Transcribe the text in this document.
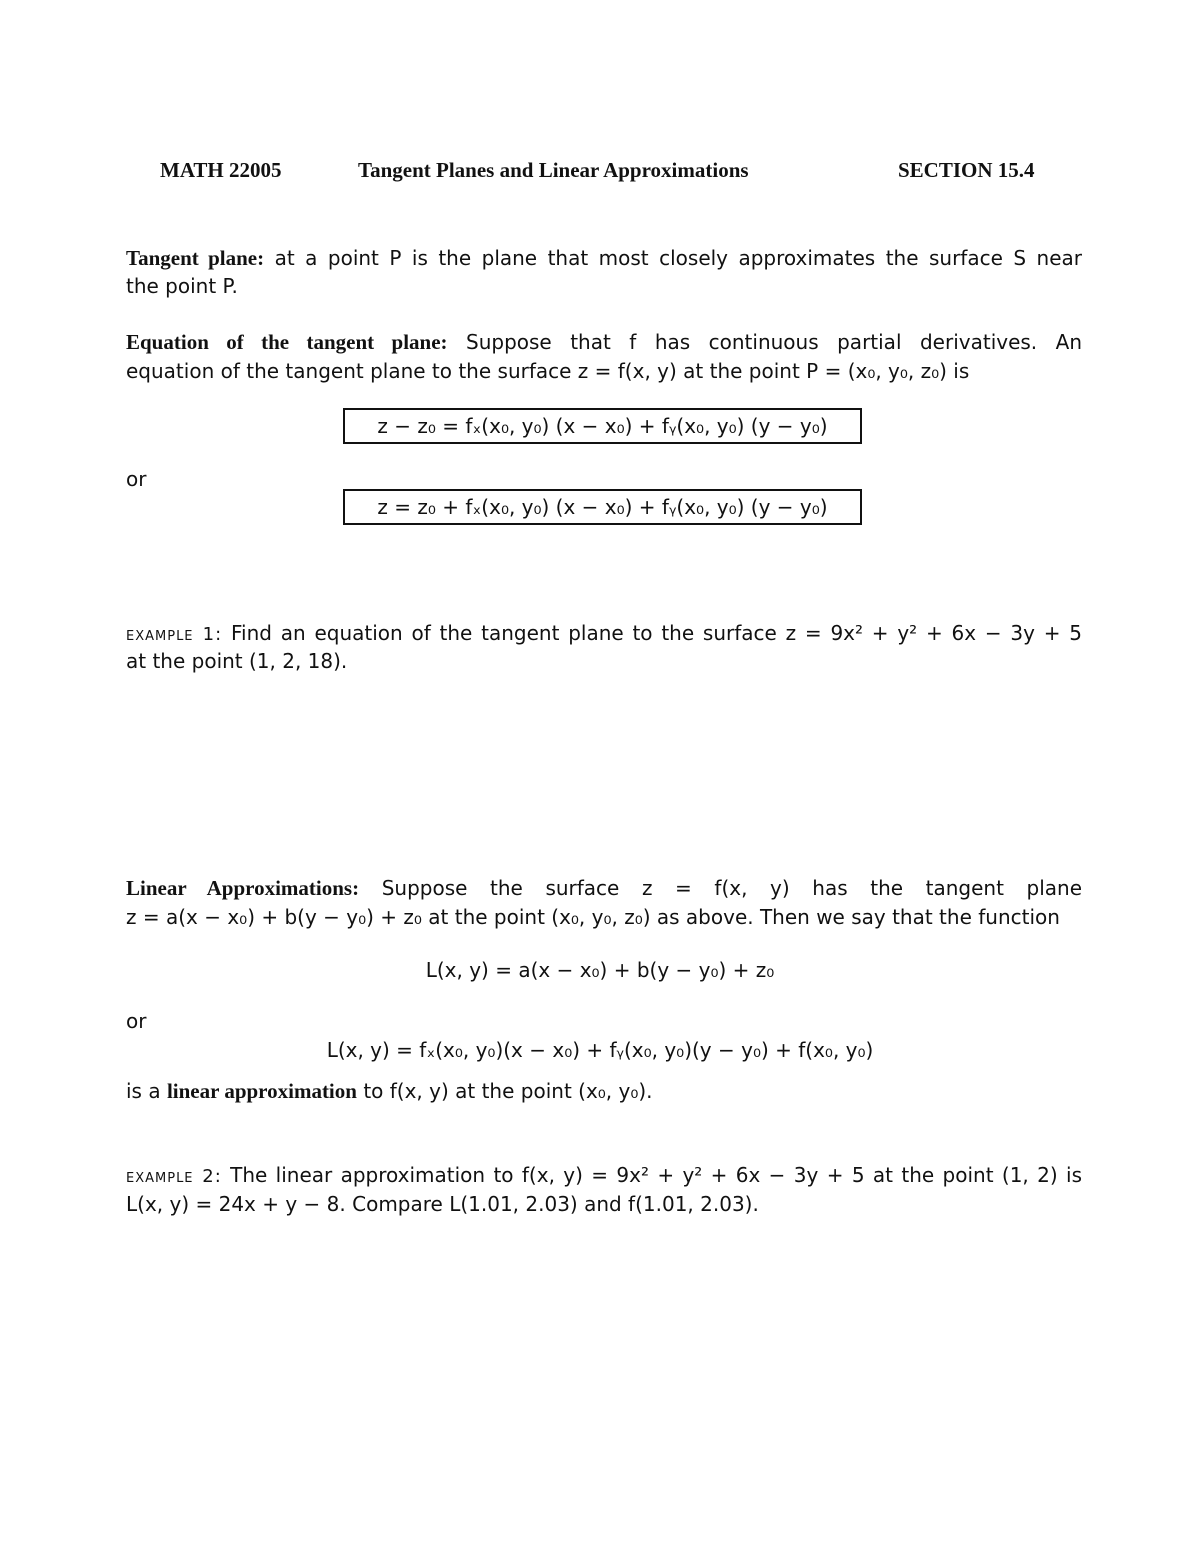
MATH 22005	Tangent Planes and Linear Approximations	SECTION 15.4
Tangent plane: at a point P is the plane that most closely approximates the surface S near
the point P.
Equation of the tangent plane: Suppose that f has continuous partial derivatives. An
equation of the tangent plane to the surface z = f(x, y) at the point P = (x₀, y₀, z₀) is
z − z₀ = fₓ(x₀, y₀) (x − x₀) + fᵧ(x₀, y₀) (y − y₀)
or
z = z₀ + fₓ(x₀, y₀) (x − x₀) + fᵧ(x₀, y₀) (y − y₀)
example 1: Find an equation of the tangent plane to the surface z = 9x² + y² + 6x − 3y + 5
at the point (1, 2, 18).
Linear Approximations: Suppose the surface z = f(x, y) has the tangent plane
z = a(x − x₀) + b(y − y₀) + z₀ at the point (x₀, y₀, z₀) as above. Then we say that the function
L(x, y) = a(x − x₀) + b(y − y₀) + z₀
or
L(x, y) = fₓ(x₀, y₀)(x − x₀) + fᵧ(x₀, y₀)(y − y₀) + f(x₀, y₀)
is a linear approximation to f(x, y) at the point (x₀, y₀).
example 2: The linear approximation to f(x, y) = 9x² + y² + 6x − 3y + 5 at the point (1, 2) is
L(x, y) = 24x + y − 8. Compare L(1.01, 2.03) and f(1.01, 2.03).
